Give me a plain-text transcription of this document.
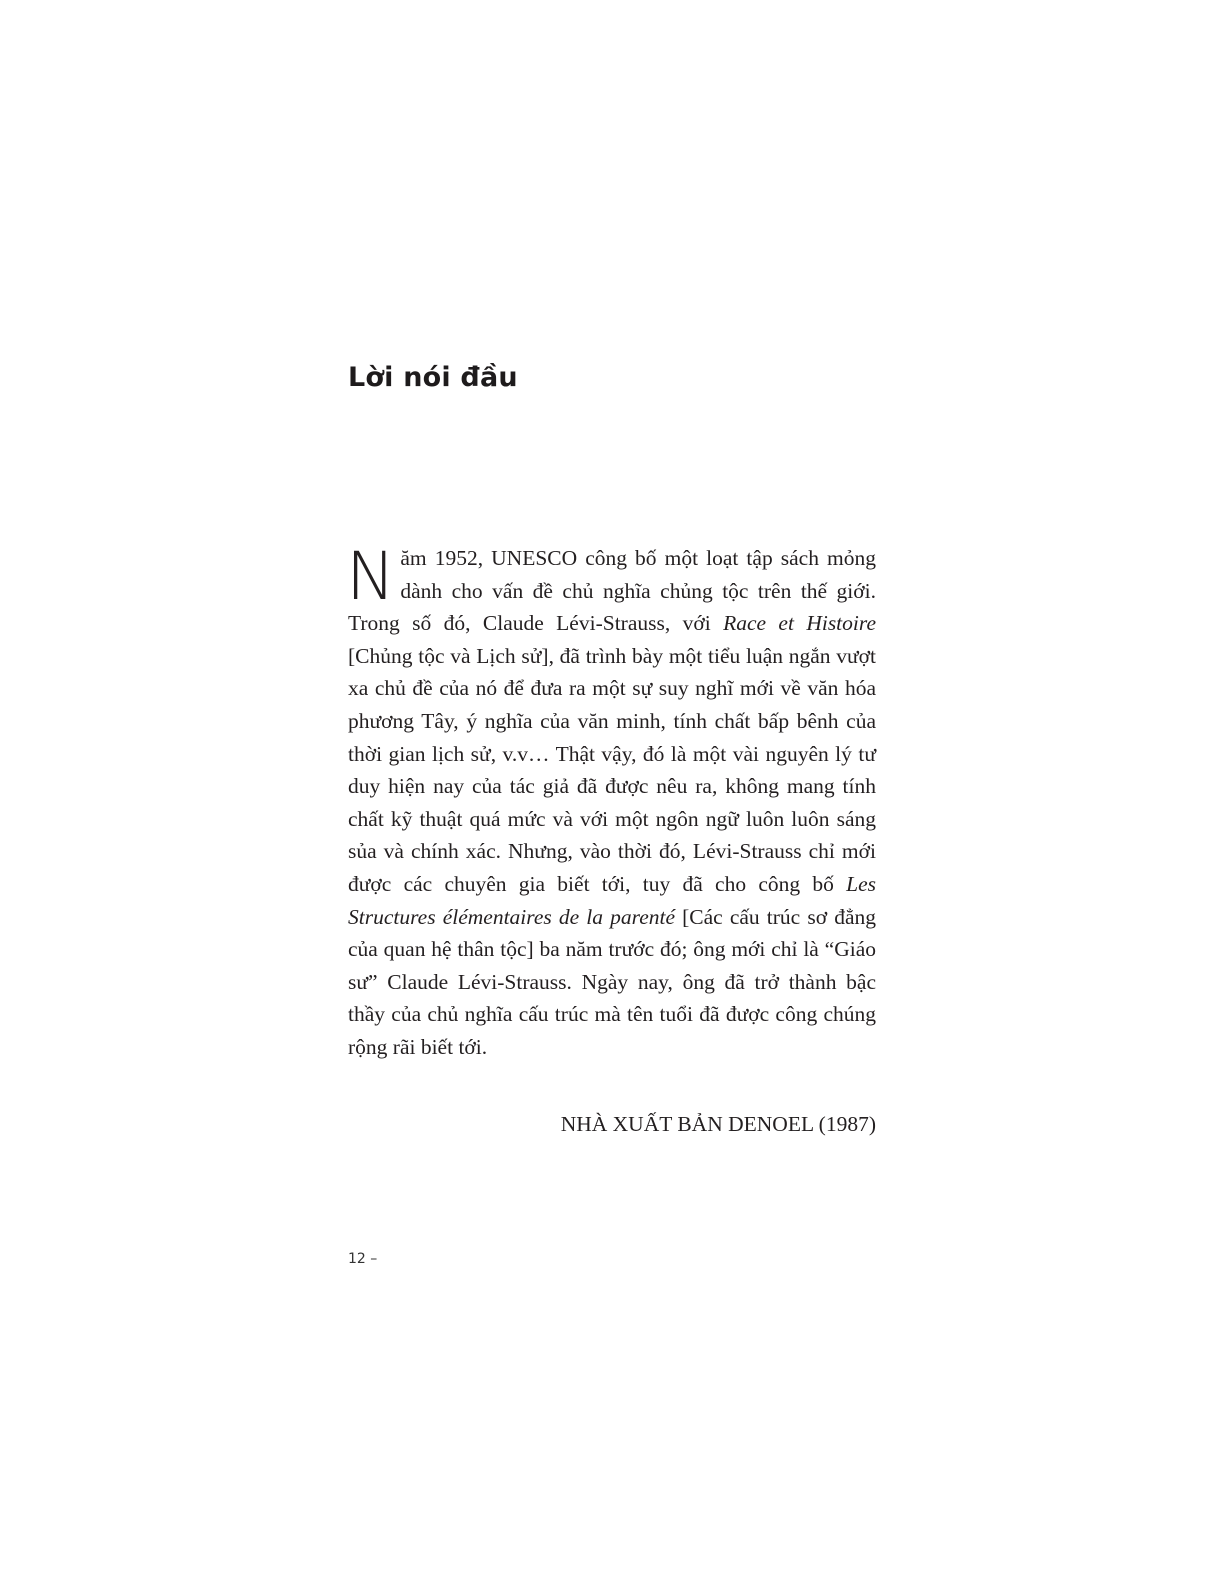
Lời nói đầu

Năm 1952, UNESCO công bố một loạt tập sách mỏng dành cho vấn đề chủ nghĩa chủng tộc trên thế giới. Trong số đó, Claude Lévi-Strauss, với Race et Histoire [Chủng tộc và Lịch sử], đã trình bày một tiểu luận ngắn vượt xa chủ đề của nó để đưa ra một sự suy nghĩ mới về văn hóa phương Tây, ý nghĩa của văn minh, tính chất bấp bênh của thời gian lịch sử, v.v… Thật vậy, đó là một vài nguyên lý tư duy hiện nay của tác giả đã được nêu ra, không mang tính chất kỹ thuật quá mức và với một ngôn ngữ luôn luôn sáng sủa và chính xác. Nhưng, vào thời đó, Lévi-Strauss chỉ mới được các chuyên gia biết tới, tuy đã cho công bố Les Structures élémentaires de la parenté [Các cấu trúc sơ đẳng của quan hệ thân tộc] ba năm trước đó; ông mới chỉ là “Giáo sư” Claude Lévi-Strauss. Ngày nay, ông đã trở thành bậc thầy của chủ nghĩa cấu trúc mà tên tuổi đã được công chúng rộng rãi biết tới.

NHÀ XUẤT BẢN DENOEL (1987)

12 –
